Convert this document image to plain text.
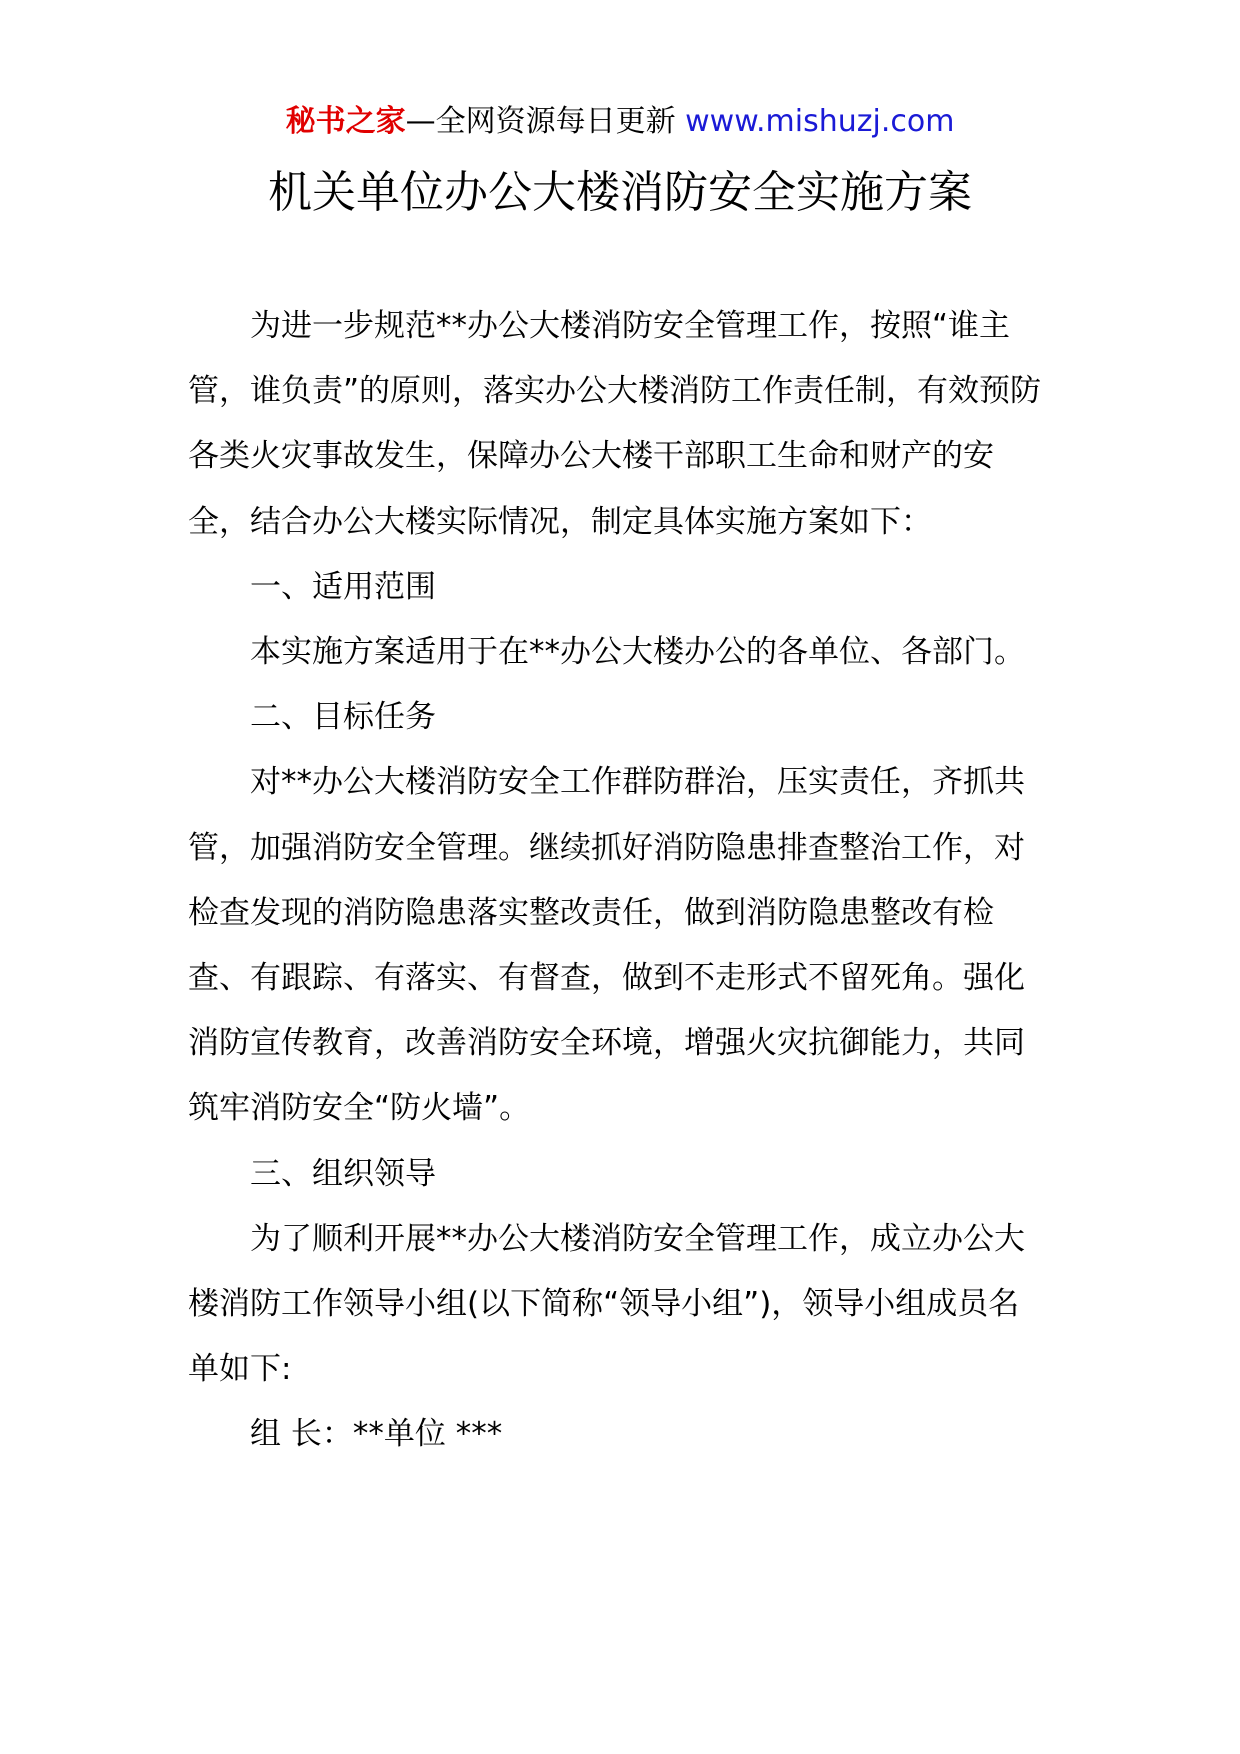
秘书之家—全网资源每日更新 www.mishuzj.com
机关单位办公大楼消防安全实施方案

为进一步规范**办公大楼消防安全管理工作，按照“谁主管，谁负责”的原则，落实办公大楼消防工作责任制，有效预防各类火灾事故发生，保障办公大楼干部职工生命和财产的安全，结合办公大楼实际情况，制定具体实施方案如下：

一、适用范围

本实施方案适用于在**办公大楼办公的各单位、各部门。

二、目标任务

对**办公大楼消防安全工作群防群治，压实责任，齐抓共管，加强消防安全管理。继续抓好消防隐患排查整治工作，对检查发现的消防隐患落实整改责任，做到消防隐患整改有检查、有跟踪、有落实、有督查，做到不走形式不留死角。强化消防宣传教育，改善消防安全环境，增强火灾抗御能力，共同筑牢消防安全“防火墙”。

三、组织领导

为了顺利开展**办公大楼消防安全管理工作，成立办公大楼消防工作领导小组(以下简称“领导小组”)，领导小组成员名单如下:

组 长：**单位 ***
